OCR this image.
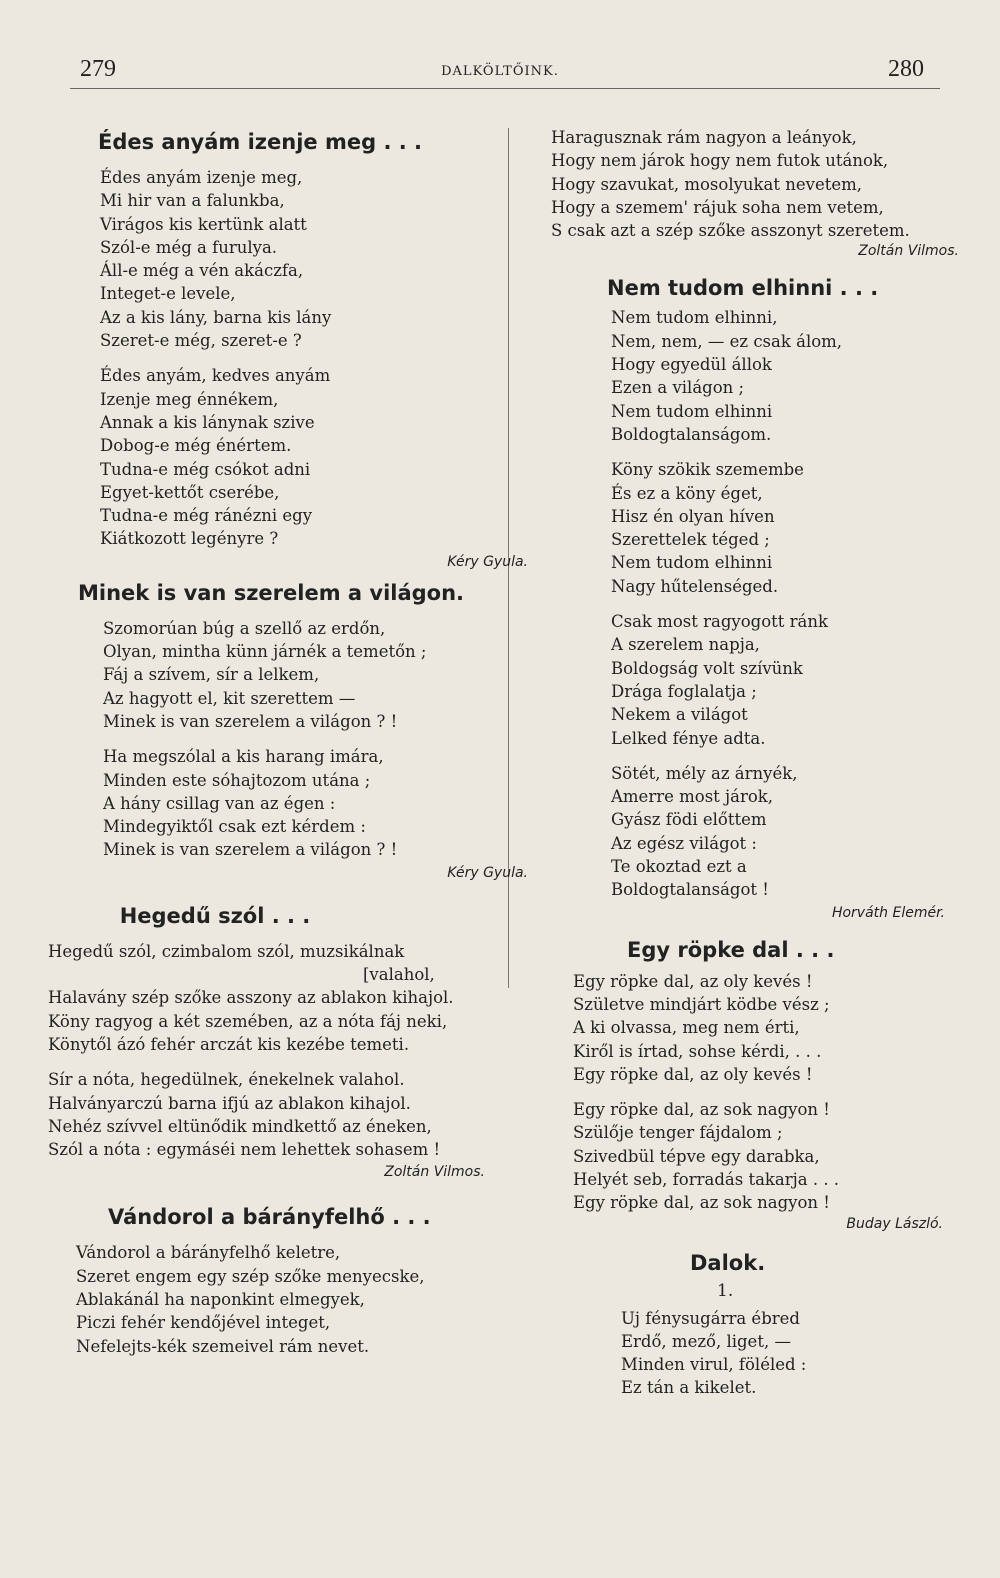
279	DALKÖLTŐINK.	280
Édes anyám izenje meg . . .
Édes anyám izenje meg,
Mi hir van a falunkba,
Virágos kis kertünk alatt
Szól-e még a furulya.
Áll-e még a vén akáczfa,
Integet-e levele,
Az a kis lány, barna kis lány
Szeret-e még, szeret-e ?
Édes anyám, kedves anyám
Izenje meg énnékem,
Annak a kis lánynak szive
Dobog-e még énértem.
Tudna-e még csókot adni
Egyet-kettőt cserébe,
Tudna-e még ránézni egy
Kiátkozott legényre ?
Kéry Gyula.
Minek is van szerelem a világon.
Szomorúan búg a szellő az erdőn,
Olyan, mintha künn járnék a temetőn ;
Fáj a szívem, sír a lelkem,
Az hagyott el, kit szerettem —
Minek is van szerelem a világon ? !
Ha megszólal a kis harang imára,
Minden este sóhajtozom utána ;
A hány csillag van az égen :
Mindegyiktől csak ezt kérdem :
Minek is van szerelem a világon ? !
Kéry Gyula.
Hegedű szól . . .
Hegedű szól, czimbalom szól, muzsikálnak
[valahol,
Halavány szép szőke asszony az ablakon kihajol.
Köny ragyog a két szemében, az a nóta fáj neki,
Könytől ázó fehér arczát kis kezébe temeti.
Sír a nóta, hegedülnek, énekelnek valahol.
Halványarczú barna ifjú az ablakon kihajol.
Nehéz szívvel eltünődik mindkettő az éneken,
Szól a nóta : egymáséi nem lehettek sohasem !
Zoltán Vilmos.
Vándorol a bárányfelhő . . .
Vándorol a bárányfelhő keletre,
Szeret engem egy szép szőke menyecske,
Ablakánál ha naponkint elmegyek,
Piczi fehér kendőjével integet,
Nefelejts-kék szemeivel rám nevet.
Haragusznak rám nagyon a leányok,
Hogy nem járok hogy nem futok utánok,
Hogy szavukat, mosolyukat nevetem,
Hogy a szemem' rájuk soha nem vetem,
S csak azt a szép szőke asszonyt szeretem.
Zoltán Vilmos.
Nem tudom elhinni . . .
Nem tudom elhinni,
Nem, nem, — ez csak álom,
Hogy egyedül állok
Ezen a világon ;
Nem tudom elhinni
Boldogtalanságom.
Köny szökik szemembe
És ez a köny éget,
Hisz én olyan híven
Szerettelek téged ;
Nem tudom elhinni
Nagy hűtelenséged.
Csak most ragyogott ránk
A szerelem napja,
Boldogság volt szívünk
Drága foglalatja ;
Nekem a világot
Lelked fénye adta.
Sötét, mély az árnyék,
Amerre most járok,
Gyász födi előttem
Az egész világot :
Te okoztad ezt a
Boldogtalanságot !
Horváth Elemér.
Egy röpke dal . . .
Egy röpke dal, az oly kevés !
Születve mindjárt ködbe vész ;
A ki olvassa, meg nem érti,
Kiről is írtad, sohse kérdi, . . .
Egy röpke dal, az oly kevés !
Egy röpke dal, az sok nagyon !
Szülője tenger fájdalom ;
Szivedbül tépve egy darabka,
Helyét seb, forradás takarja . . .
Egy röpke dal, az sok nagyon !
Buday László.
Dalok.
1.
Uj fénysugárra ébred
Erdő, mező, liget, —
Minden virul, föléled :
Ez tán a kikelet.
